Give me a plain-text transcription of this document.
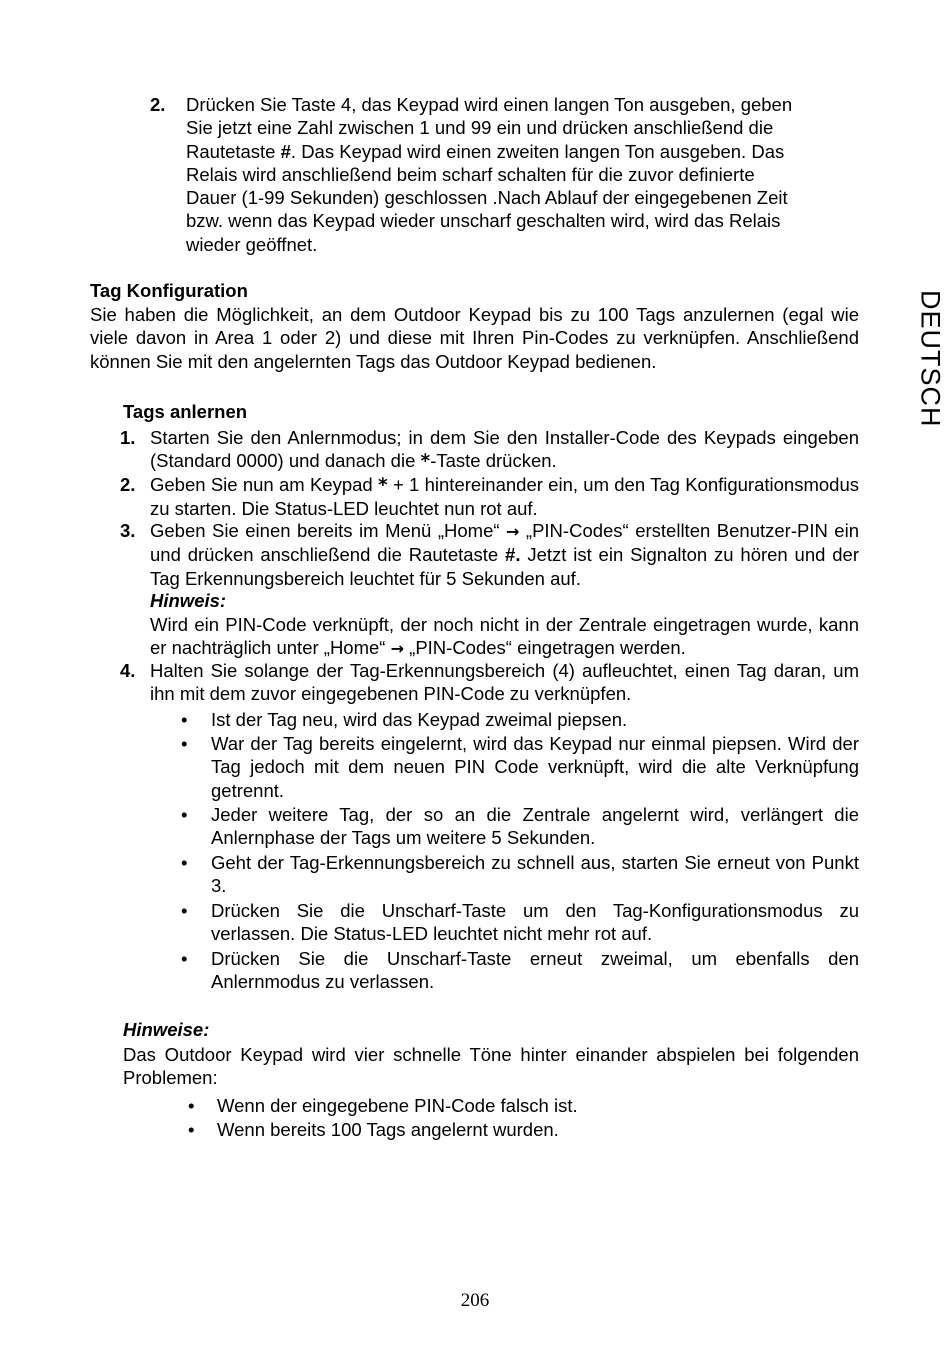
2. Drücken Sie Taste 4, das Keypad wird einen langen Ton ausgeben, geben
Sie jetzt eine Zahl zwischen 1 und 99 ein und drücken anschließend die
Rautetaste #. Das Keypad wird einen zweiten langen Ton ausgeben. Das
Relais wird anschließend beim scharf schalten für die zuvor definierte
Dauer (1-99 Sekunden) geschlossen .Nach Ablauf der eingegebenen Zeit
bzw. wenn das Keypad wieder unscharf geschalten wird, wird das Relais
wieder geöffnet.
Tag Konfiguration
Sie haben die Möglichkeit, an dem Outdoor Keypad bis zu 100 Tags anzulernen (egal wie viele davon in Area 1 oder 2) und diese mit Ihren Pin-Codes zu verknüpfen. Anschließend können Sie mit den angelernten Tags das Outdoor Keypad bedienen.
Tags anlernen
1. Starten Sie den Anlernmodus; in dem Sie den Installer-Code des Keypads eingeben (Standard 0000) und danach die *-Taste drücken.
2. Geben Sie nun am Keypad * + 1 hintereinander ein, um den Tag Konfigurationsmodus zu starten. Die Status-LED leuchtet nun rot auf.
3. Geben Sie einen bereits im Menü „Home“ → „PIN-Codes“ erstellten Benutzer-PIN ein und drücken anschließend die Rautetaste #. Jetzt ist ein Signalton zu hören und der Tag Erkennungsbereich leuchtet für 5 Sekunden auf.
Hinweis:
Wird ein PIN-Code verknüpft, der noch nicht in der Zentrale eingetragen wurde, kann er nachträglich unter „Home“ → „PIN-Codes“ eingetragen werden.
4. Halten Sie solange der Tag-Erkennungsbereich (4) aufleuchtet, einen Tag daran, um ihn mit dem zuvor eingegebenen PIN-Code zu verknüpfen.
• Ist der Tag neu, wird das Keypad zweimal piepsen.
• War der Tag bereits eingelernt, wird das Keypad nur einmal piepsen. Wird der Tag jedoch mit dem neuen PIN Code verknüpft, wird die alte Verknüpfung getrennt.
• Jeder weitere Tag, der so an die Zentrale angelernt wird, verlängert die Anlernphase der Tags um weitere 5 Sekunden.
• Geht der Tag-Erkennungsbereich zu schnell aus, starten Sie erneut von Punkt 3.
• Drücken Sie die Unscharf-Taste um den Tag-Konfigurationsmodus zu verlassen. Die Status-LED leuchtet nicht mehr rot auf.
• Drücken Sie die Unscharf-Taste erneut zweimal, um ebenfalls den Anlernmodus zu verlassen.
Hinweise:
Das Outdoor Keypad wird vier schnelle Töne hinter einander abspielen bei folgenden Problemen:
• Wenn der eingegebene PIN-Code falsch ist.
• Wenn bereits 100 Tags angelernt wurden.
DEUTSCH
206
